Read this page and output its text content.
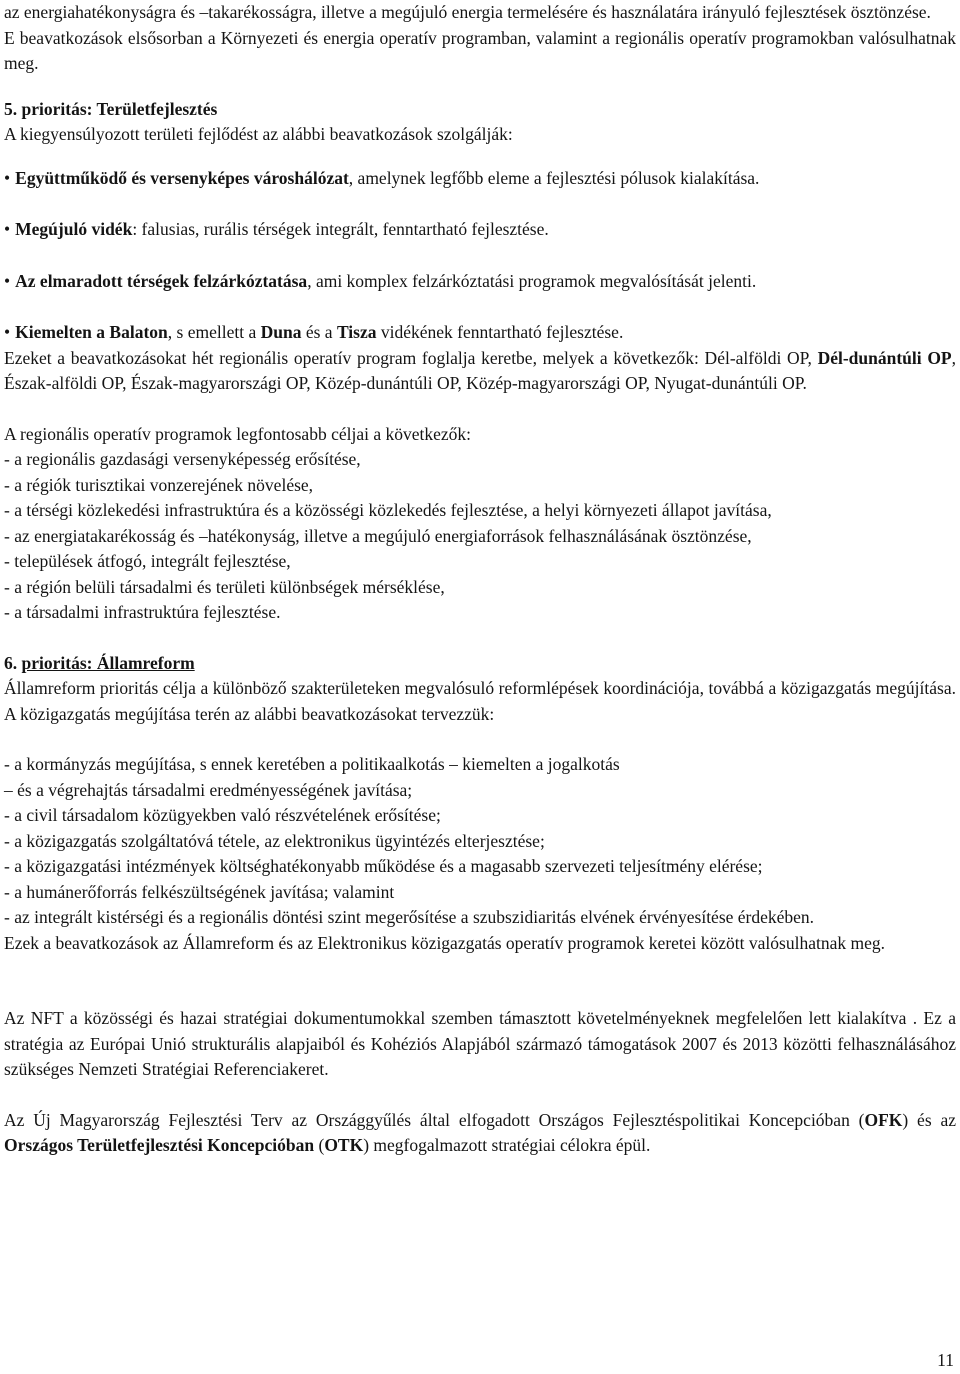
az energiahatékonyságra és –takarékosságra, illetve a megújuló energia termelésére és használatára irányuló fejlesztések ösztönzése.

E beavatkozások elsősorban a Környezeti és energia operatív programban, valamint a regionális operatív programokban valósulhatnak meg.

5. prioritás: Területfejlesztés

A kiegyensúlyozott területi fejlődést az alábbi beavatkozások szolgálják:

• Együttműködő és versenyképes városhálózat, amelynek legfőbb eleme a fejlesztési pólusok kialakítása.

• Megújuló vidék: falusias, rurális térségek integrált, fenntartható fejlesztése.

• Az elmaradott térségek felzárkóztatása, ami komplex felzárkóztatási programok megvalósítását jelenti.

• Kiemelten a Balaton, s emellett a Duna és a Tisza vidékének fenntartható fejlesztése.

Ezeket a beavatkozásokat hét regionális operatív program foglalja keretbe, melyek a következők: Dél-alföldi OP, Dél-dunántúli OP, Észak-alföldi OP, Észak-magyarországi OP, Közép-dunántúli OP, Közép-magyarországi OP, Nyugat-dunántúli OP.

A regionális operatív programok legfontosabb céljai a következők:

- a regionális gazdasági versenyképesség erősítése,

- a régiók turisztikai vonzerejének növelése,

- a térségi közlekedési infrastruktúra és a közösségi közlekedés fejlesztése, a helyi környezeti állapot javítása,

- az energiatakarékosság és –hatékonyság, illetve a megújuló energiaforrások felhasználásának ösztönzése,

- települések átfogó, integrált fejlesztése,

- a régión belüli társadalmi és területi különbségek mérséklése,

- a társadalmi infrastruktúra fejlesztése.

6. prioritás: Államreform

Államreform prioritás célja a különböző szakterületeken megvalósuló reformlépések koordinációja, továbbá a közigazgatás megújítása. A közigazgatás megújítása terén az alábbi beavatkozásokat tervezzük:

- a kormányzás megújítása, s ennek keretében a politikaalkotás – kiemelten a jogalkotás

– és a végrehajtás társadalmi eredményességének javítása;

- a civil társadalom közügyekben való részvételének erősítése;

- a közigazgatás szolgáltatóvá tétele, az elektronikus ügyintézés elterjesztése;

- a közigazgatási intézmények költséghatékonyabb működése és a magasabb szervezeti teljesítmény elérése;

- a humánerőforrás felkészültségének javítása; valamint

- az integrált kistérségi és a regionális döntési szint megerősítése a szubszidiaritás elvének érvényesítése érdekében.

Ezek a beavatkozások az Államreform és az Elektronikus közigazgatás operatív programok keretei között valósulhatnak meg.

Az NFT a közösségi és hazai stratégiai dokumentumokkal szemben támasztott követelményeknek megfelelően lett kialakítva . Ez a stratégia az Európai Unió strukturális alapjaiból és Kohéziós Alapjából származó támogatások 2007 és 2013 közötti felhasználásához szükséges Nemzeti Stratégiai Referenciakeret.

Az Új Magyarország Fejlesztési Terv az Országgyűlés által elfogadott Országos Fejlesztéspolitikai Koncepcióban (OFK) és az Országos Területfejlesztési Koncepcióban (OTK) megfogalmazott stratégiai célokra épül.

11
